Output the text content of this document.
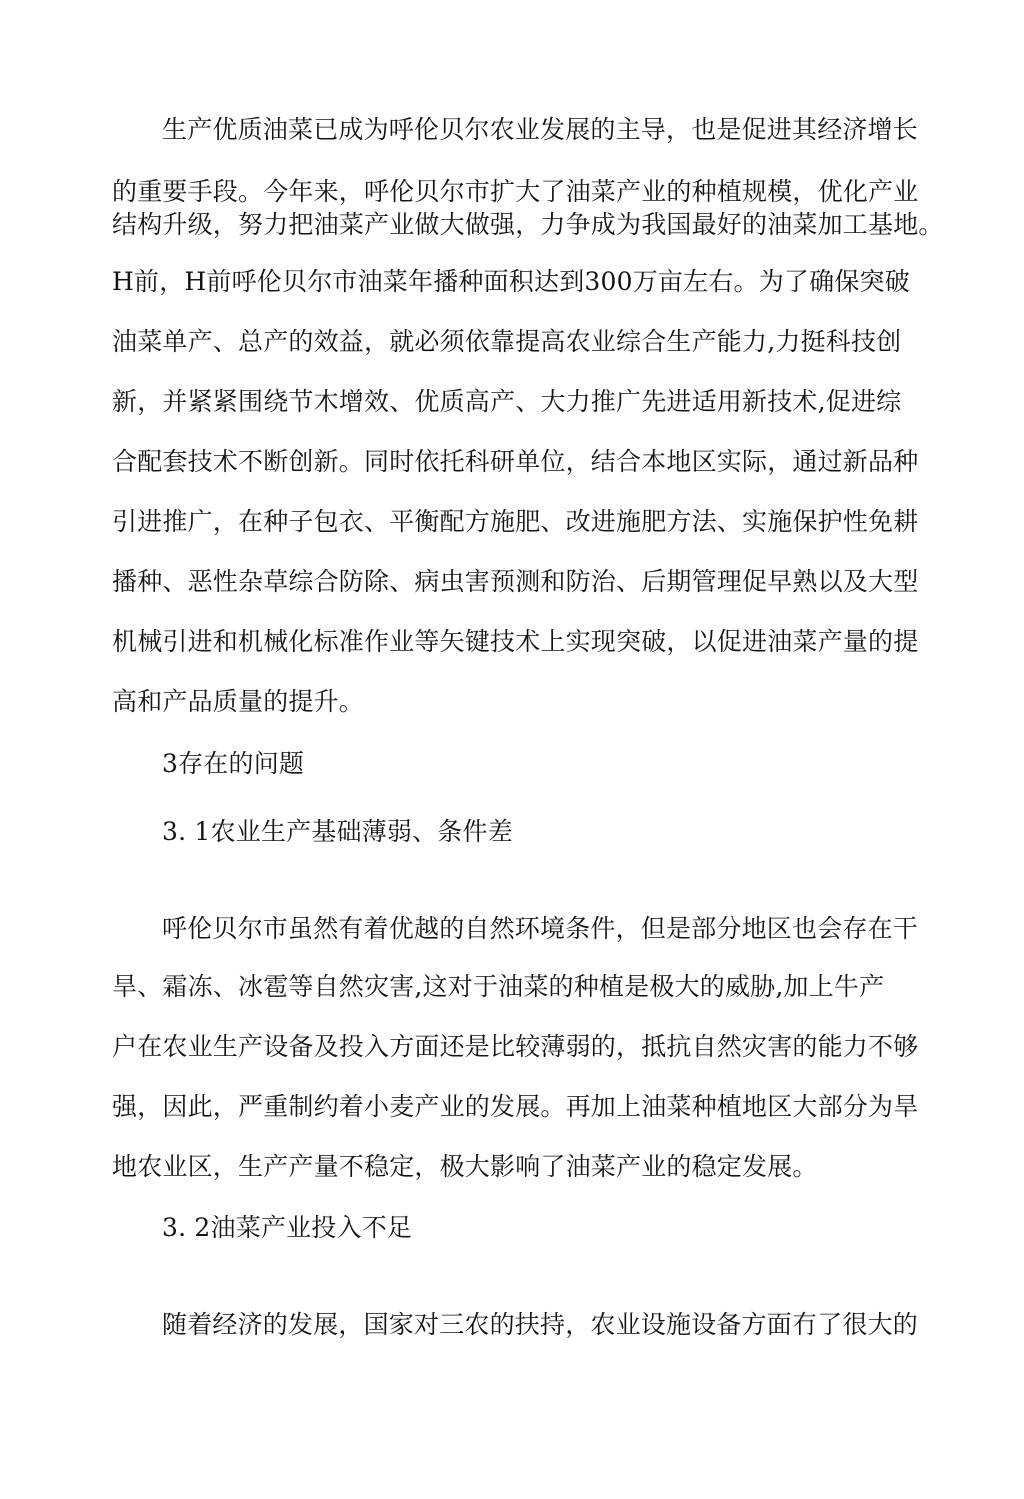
生产优质油菜已成为呼伦贝尔农业发展的主导，也是促进其经济增长
的重要手段。今年来，呼伦贝尔市扩大了油菜产业的种植规模，优化产业
结构升级，努力把油菜产业做大做强，力争成为我国最好的油菜加工基地。
H前，H前呼伦贝尔市油菜年播种面积达到300万亩左右。为了确保突破
油菜单产、总产的效益，就必须依靠提高农业综合生产能力,力挺科技创
新，并紧紧围绕节木增效、优质高产、大力推广先进适用新技术,促进综
合配套技术不断创新。同时依托科研单位，结合本地区实际，通过新品种
引进推广，在种子包衣、平衡配方施肥、改进施肥方法、实施保护性免耕
播种、恶性杂草综合防除、病虫害预测和防治、后期管理促早熟以及大型
机械引进和机械化标准作业等矢键技术上实现突破，以促进油菜产量的提
高和产品质量的提升。
3存在的问题
3. 1农业生产基础薄弱、条件差
呼伦贝尔市虽然有着优越的自然环境条件，但是部分地区也会存在干
旱、霜冻、冰雹等自然灾害,这对于油菜的种植是极大的威胁,加上牛产
户在农业生产设备及投入方面还是比较薄弱的，抵抗自然灾害的能力不够
强，因此，严重制约着小麦产业的发展。再加上油菜种植地区大部分为旱
地农业区，生产产量不稳定，极大影响了油菜产业的稳定发展。
3. 2油菜产业投入不足
随着经济的发展，国家对三农的扶持，农业设施设备方面冇了很大的
